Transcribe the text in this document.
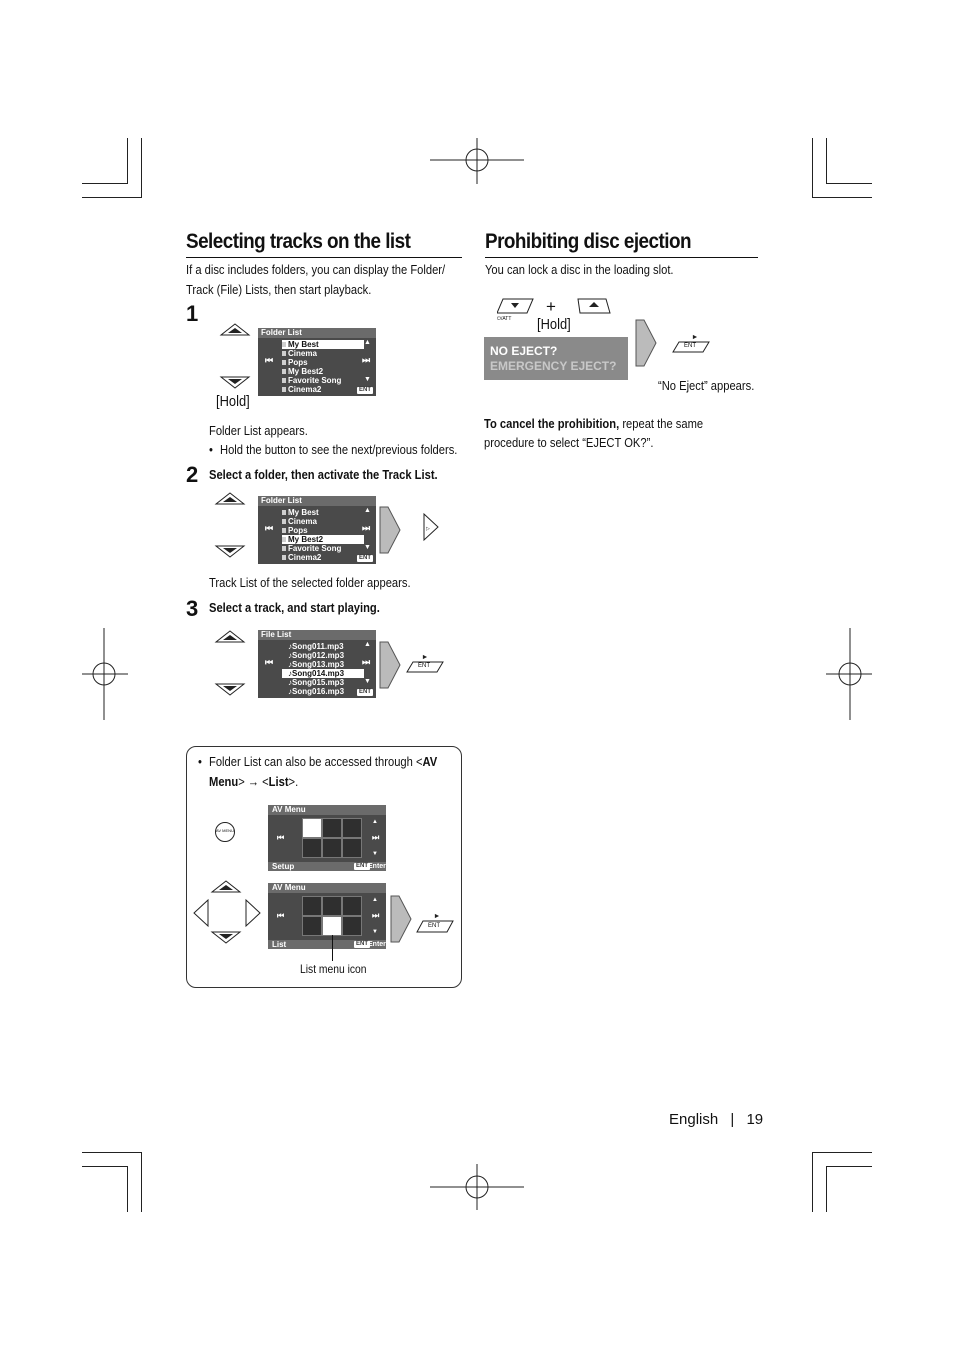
Selecting tracks on the list
If a disc includes folders, you can display the Folder/
Track (File) Lists, then start playback.
1
[Hold]
Folder List
My Best
Cinema
Pops
My Best2
Favorite Song
Cinema2
⏮
▲
⏭
▼
ENT
Folder List appears.
• Hold the button to see the next/previous folders.
2 Select a folder, then activate the Track List.
Folder List
My Best
Cinema
Pops
My Best2
Favorite Song
Cinema2
⏮
▲
⏭
▼
ENT
▷
Track List of the selected folder appears.
3 Select a track, and start playing.
File List
♪Song011.mp3
♪Song012.mp3
♪Song013.mp3
♪Song014.mp3
♪Song015.mp3
♪Song016.mp3
⏮
▲
⏭
▼
ENT
►
ENT
• Folder List can also be accessed through <AV
Menu> → <List>.
AV MENU
AV Menu
⏮	⏭
▲
▼
Setup	ENT Enter
AV Menu
⏮	⏭
▲
▼
List	ENT Enter
List menu icon
►
ENT
Prohibiting disc ejection
You can lock a disc in the loading slot.
⏻/ATT
+
[Hold]
NO EJECT?
EMERGENCY EJECT?
►
ENT
“No Eject” appears.
To cancel the prohibition, repeat the same
procedure to select “EJECT OK?”.
English | 19
